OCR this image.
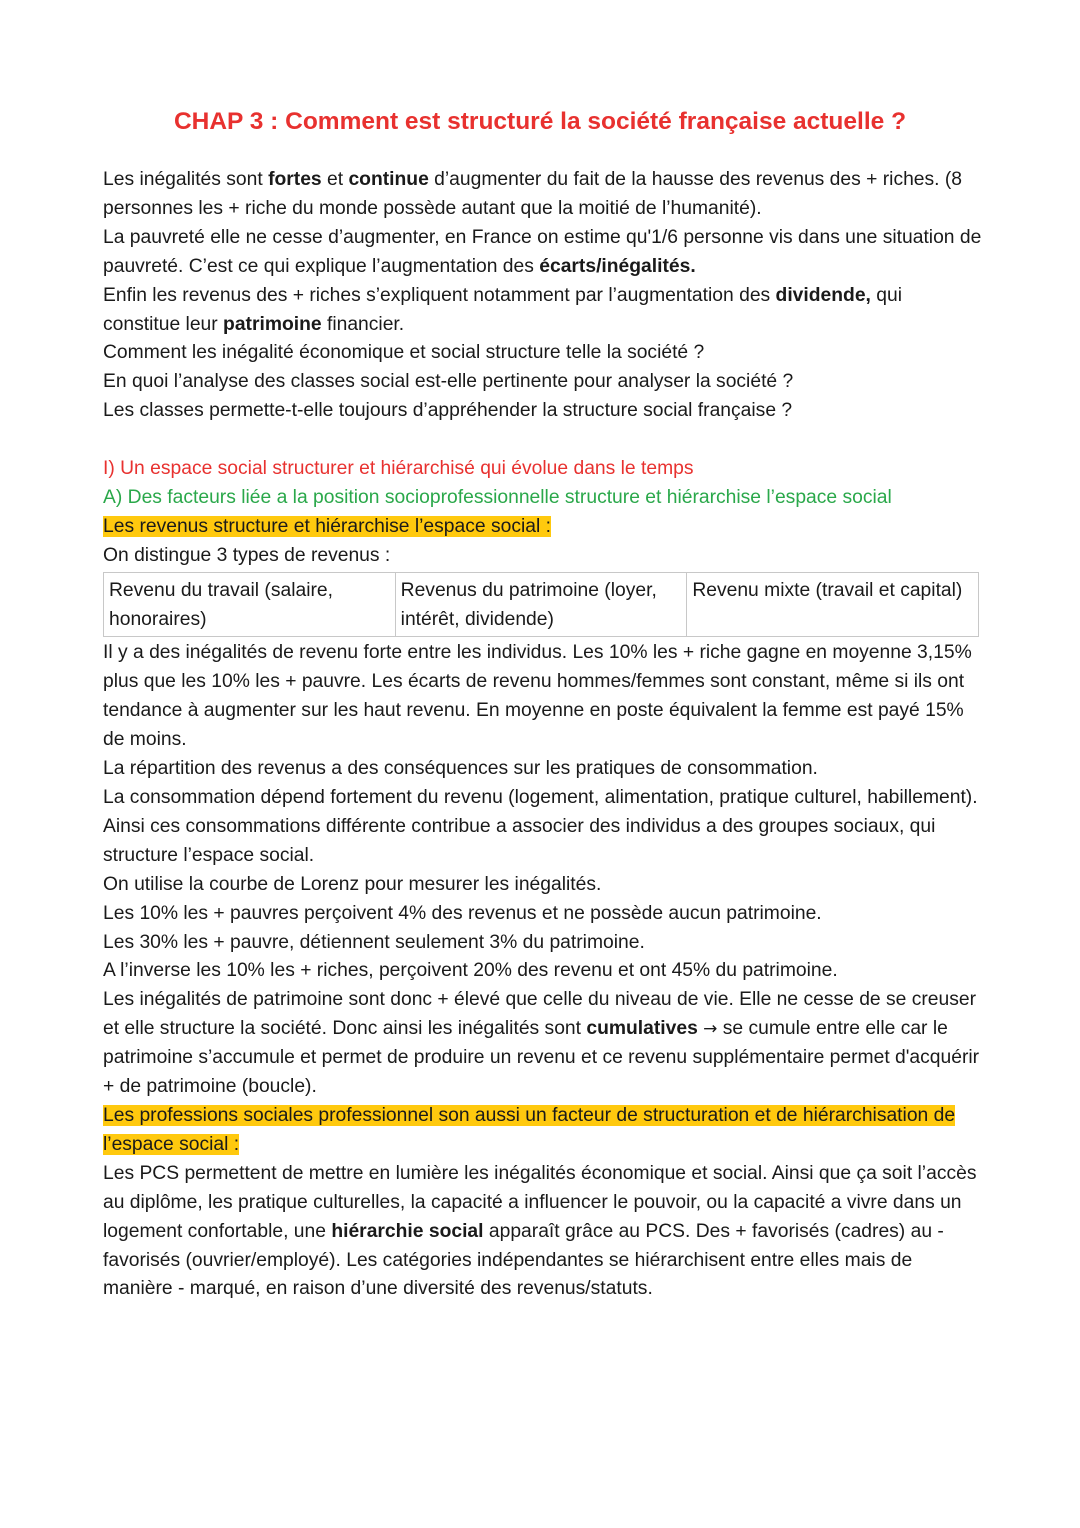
CHAP 3 : Comment est structuré la société française actuelle ?

Les inégalités sont fortes et continue d’augmenter du fait de la hausse des revenus des + riches. (8 personnes les + riche du monde possède autant que la moitié de l’humanité).

La pauvreté elle ne cesse d’augmenter, en France on estime qu'1/6 personne vis dans une situation de pauvreté. C’est ce qui explique l’augmentation des écarts/inégalités.

Enfin les revenus des + riches s’expliquent notamment par l’augmentation des dividende, qui constitue leur patrimoine financier.

Comment les inégalité économique et social structure telle la société ?

En quoi l’analyse des classes social est-elle pertinente pour analyser la société ?

Les classes permette-t-elle toujours d’appréhender la structure social française ?

I) Un espace social structurer et hiérarchisé qui évolue dans le temps

A) Des facteurs liée a la position socioprofessionnelle structure et hiérarchise l’espace social

Les revenus structure et hiérarchise l’espace social :

On distingue 3 types de revenus :

Revenu du travail (salaire, honoraires)	Revenus du patrimoine (loyer, intérêt, dividende)	Revenu mixte (travail et capital)

Il y a des inégalités de revenu forte entre les individus. Les 10% les + riche gagne en moyenne 3,15% plus que les 10% les + pauvre. Les écarts de revenu hommes/femmes sont constant, même si ils ont tendance à augmenter sur les haut revenu. En moyenne en poste équivalent la femme est payé 15% de moins.

La répartition des revenus a des conséquences sur les pratiques de consommation.

La consommation dépend fortement du revenu (logement, alimentation, pratique culturel, habillement). Ainsi ces consommations différente contribue a associer des individus a des groupes sociaux, qui structure l’espace social.

On utilise la courbe de Lorenz pour mesurer les inégalités.

Les 10% les + pauvres perçoivent 4% des revenus et ne possède aucun patrimoine.

Les 30% les + pauvre, détiennent seulement 3% du patrimoine.

A l’inverse les 10% les + riches, perçoivent 20% des revenu et ont 45% du patrimoine.

Les inégalités de patrimoine sont donc + élevé que celle du niveau de vie. Elle ne cesse de se creuser et elle structure la société. Donc ainsi les inégalités sont cumulatives → se cumule entre elle car le patrimoine s’accumule et permet de produire un revenu et ce revenu supplémentaire permet d'acquérir + de patrimoine (boucle).

Les professions sociales professionnel son aussi un facteur de structuration et de hiérarchisation de l’espace social :

Les PCS permettent de mettre en lumière les inégalités économique et social. Ainsi que ça soit l’accès au diplôme, les pratique culturelles, la capacité a influencer le pouvoir, ou la capacité a vivre dans un logement confortable, une hiérarchie social apparaît grâce au PCS. Des + favorisés (cadres) au - favorisés (ouvrier/employé). Les catégories indépendantes se hiérarchisent entre elles mais de manière - marqué, en raison d’une diversité des revenus/statuts.
